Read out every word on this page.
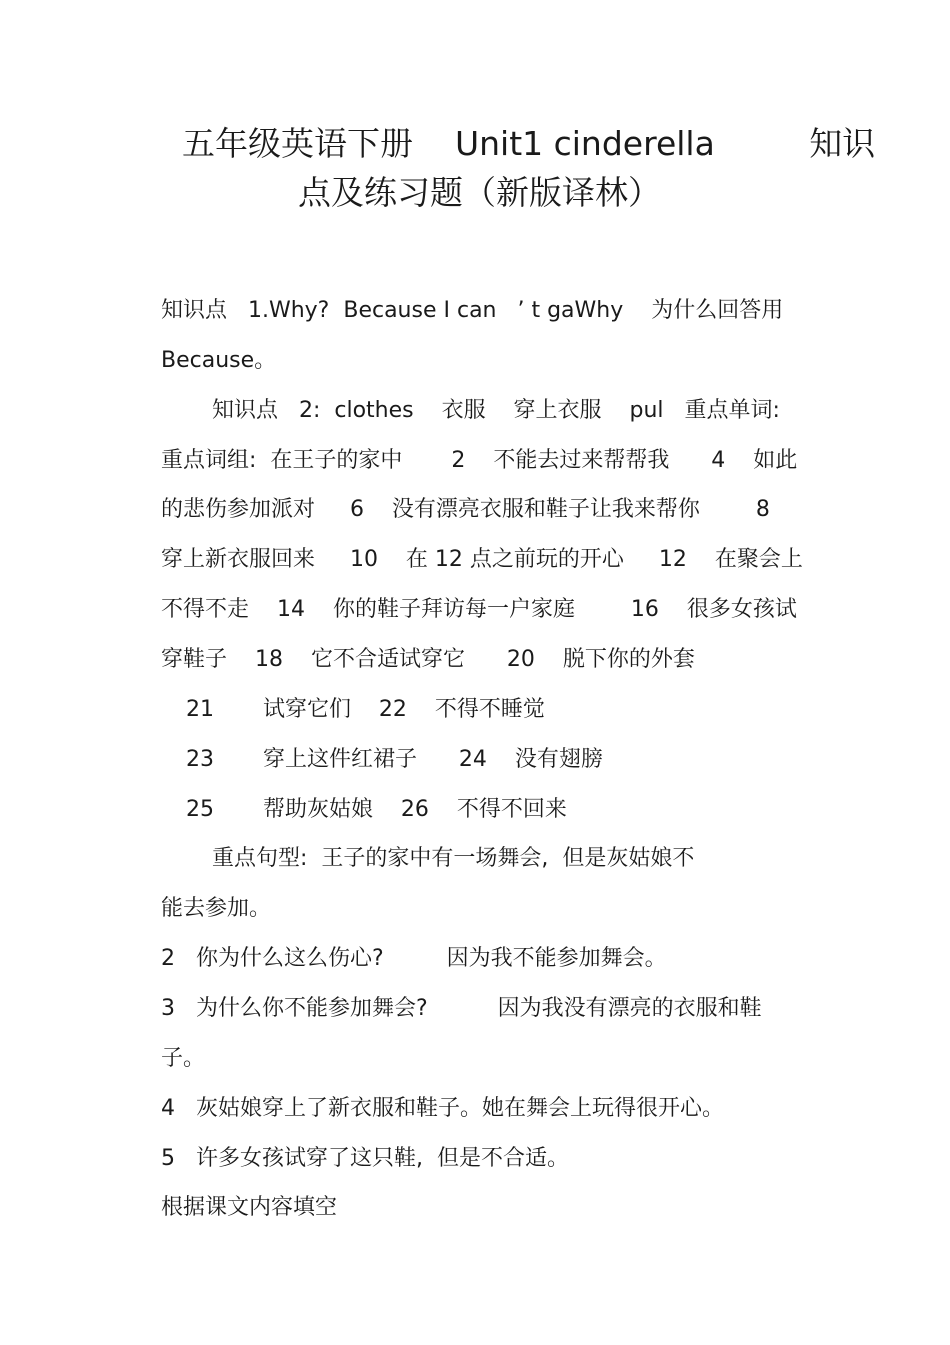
五年级英语下册    Unit1 cinderella         知识
点及练习题（新版译林）
知识点   1.Why?  Because I can   ’ t gaWhy    为什么回答用
Because。
知识点   2:  clothes    衣服    穿上衣服    pul   重点单词:
重点词组:  在王子的家中       2    不能去过来帮帮我      4    如此
的悲伤参加派对     6    没有漂亮衣服和鞋子让我来帮你        8
穿上新衣服回来     10    在 12 点之前玩的开心     12    在聚会上
不得不走    14    你的鞋子拜访每一户家庭        16    很多女孩试
穿鞋子    18    它不合适试穿它      20    脱下你的外套
21       试穿它们    22    不得不睡觉
23       穿上这件红裙子      24    没有翅膀
25       帮助灰姑娘    26    不得不回来
重点句型:  王子的家中有一场舞会,  但是灰姑娘不
能去参加。
2   你为什么这么伤心?         因为我不能参加舞会。
3   为什么你不能参加舞会?          因为我没有漂亮的衣服和鞋
子。
4   灰姑娘穿上了新衣服和鞋子。她在舞会上玩得很开心。
5   许多女孩试穿了这只鞋,  但是不合适。
根据课文内容填空
